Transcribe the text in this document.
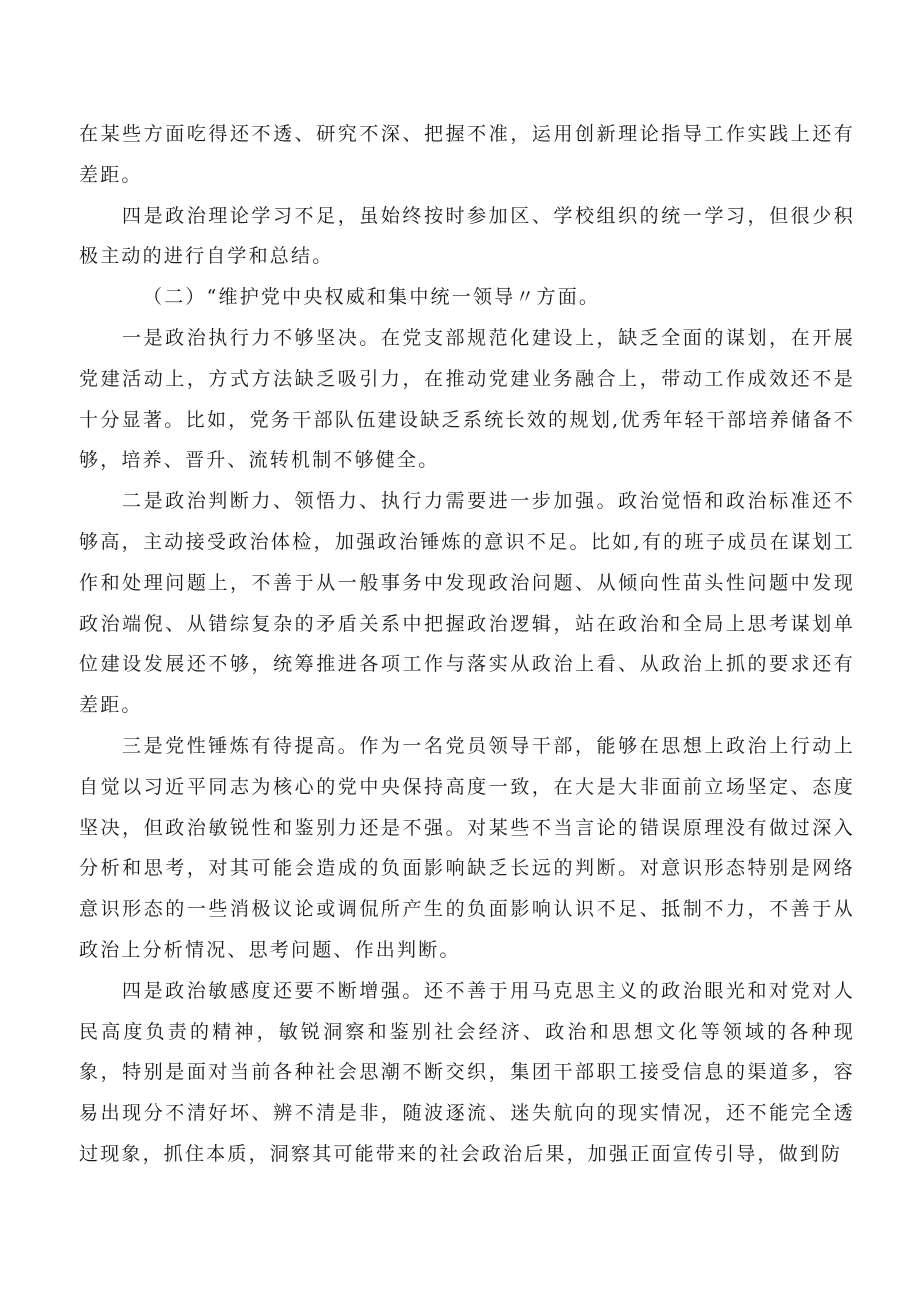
在某些方面吃得还不透、研究不深、把握不准，运用创新理论指导工作实践上还有差距。

四是政治理论学习不足，虽始终按时参加区、学校组织的统一学习，但很少积极主动的进行自学和总结。

（二）“维护党中央权威和集中统一领导〃方面。

一是政治执行力不够坚决。在党支部规范化建设上，缺乏全面的谋划，在开展党建活动上，方式方法缺乏吸引力，在推动党建业务融合上，带动工作成效还不是十分显著。比如，党务干部队伍建设缺乏系统长效的规划,优秀年轻干部培养储备不够，培养、晋升、流转机制不够健全。

二是政治判断力、领悟力、执行力需要进一步加强。政治觉悟和政治标准还不够高，主动接受政治体检，加强政治锤炼的意识不足。比如,有的班子成员在谋划工作和处理问题上，不善于从一般事务中发现政治问题、从倾向性苗头性问题中发现政治端倪、从错综复杂的矛盾关系中把握政治逻辑，站在政治和全局上思考谋划单位建设发展还不够，统筹推进各项工作与落实从政治上看、从政治上抓的要求还有差距。

三是党性锤炼有待提高。作为一名党员领导干部，能够在思想上政治上行动上自觉以习近平同志为核心的党中央保持高度一致，在大是大非面前立场坚定、态度坚决，但政治敏锐性和鉴别力还是不强。对某些不当言论的错误原理没有做过深入分析和思考，对其可能会造成的负面影响缺乏长远的判断。对意识形态特别是网络意识形态的一些消极议论或调侃所产生的负面影响认识不足、抵制不力，不善于从政治上分析情况、思考问题、作出判断。

四是政治敏感度还要不断增强。还不善于用马克思主义的政治眼光和对党对人民高度负责的精神，敏锐洞察和鉴别社会经济、政治和思想文化等领域的各种现象，特别是面对当前各种社会思潮不断交织，集团干部职工接受信息的渠道多，容易出现分不清好坏、辨不清是非，随波逐流、迷失航向的现实情况，还不能完全透过现象，抓住本质，洞察其可能带来的社会政治后果，加强正面宣传引导，做到防
